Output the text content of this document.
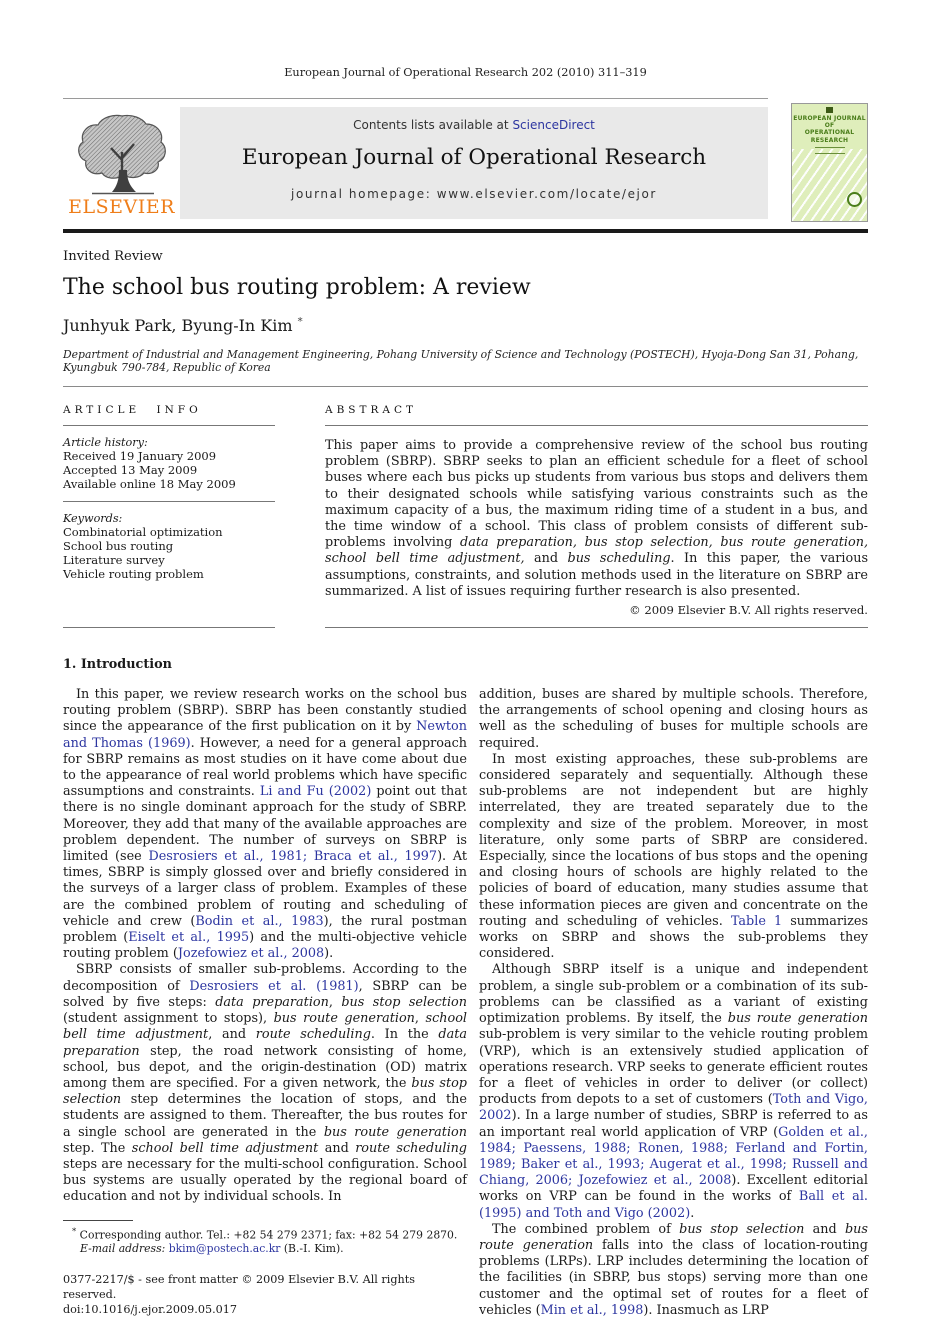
European Journal of Operational Research 202 (2010) 311–319
ELSEVIER
Contents lists available at ScienceDirect
European Journal of Operational Research
journal homepage: www.elsevier.com/locate/ejor
EUROPEAN JOURNAL OF
OPERATIONAL RESEARCH
Invited Review
The school bus routing problem: A review
Junhyuk Park, Byung-In Kim *
Department of Industrial and Management Engineering, Pohang University of Science and Technology (POSTECH), Hyoja-Dong San 31, Pohang, Kyungbuk 790-784, Republic of Korea
ARTICLE INFO
Article history:
Received 19 January 2009
Accepted 13 May 2009
Available online 18 May 2009
Keywords:
Combinatorial optimization
School bus routing
Literature survey
Vehicle routing problem
ABSTRACT

This paper aims to provide a comprehensive review of the school bus routing problem (SBRP). SBRP seeks to plan an efficient schedule for a fleet of school buses where each bus picks up students from various bus stops and delivers them to their designated schools while satisfying various constraints such as the maximum capacity of a bus, the maximum riding time of a student in a bus, and the time window of a school. This class of problem consists of different sub-problems involving data preparation, bus stop selection, bus route generation, school bell time adjustment, and bus scheduling. In this paper, the various assumptions, constraints, and solution methods used in the literature on SBRP are summarized. A list of issues requiring further research is also presented.

© 2009 Elsevier B.V. All rights reserved.
1. Introduction

In this paper, we review research works on the school bus routing problem (SBRP). SBRP has been constantly studied since the appearance of the first publication on it by Newton and Thomas (1969). However, a need for a general approach for SBRP remains as most studies on it have come about due to the appearance of real world problems which have specific assumptions and constraints. Li and Fu (2002) point out that there is no single dominant approach for the study of SBRP. Moreover, they add that many of the available approaches are problem dependent. The number of surveys on SBRP is limited (see Desrosiers et al., 1981; Braca et al., 1997). At times, SBRP is simply glossed over and briefly considered in the surveys of a larger class of problem. Examples of these are the combined problem of routing and scheduling of vehicle and crew (Bodin et al., 1983), the rural postman problem (Eiselt et al., 1995) and the multi-objective vehicle routing problem (Jozefowiez et al., 2008).

SBRP consists of smaller sub-problems. According to the decomposition of Desrosiers et al. (1981), SBRP can be solved by five steps: data preparation, bus stop selection (student assignment to stops), bus route generation, school bell time adjustment, and route scheduling. In the data preparation step, the road network consisting of home, school, bus depot, and the origin-destination (OD) matrix among them are specified. For a given network, the bus stop selection step determines the location of stops, and the students are assigned to them. Thereafter, the bus routes for a single school are generated in the bus route generation step. The school bell time adjustment and route scheduling steps are necessary for the multi-school configuration. School bus systems are usually operated by the regional board of education and not by individual schools. In

* Corresponding author. Tel.: +82 54 279 2371; fax: +82 54 279 2870.
E-mail address: bkim@postech.ac.kr (B.-I. Kim).
0377-2217/$ - see front matter © 2009 Elsevier B.V. All rights reserved.
doi:10.1016/j.ejor.2009.05.017

addition, buses are shared by multiple schools. Therefore, the arrangements of school opening and closing hours as well as the scheduling of buses for multiple schools are required.

In most existing approaches, these sub-problems are considered separately and sequentially. Although these sub-problems are not independent but are highly interrelated, they are treated separately due to the complexity and size of the problem. Moreover, in most literature, only some parts of SBRP are considered. Especially, since the locations of bus stops and the opening and closing hours of schools are highly related to the policies of board of education, many studies assume that these information pieces are given and concentrate on the routing and scheduling of vehicles. Table 1 summarizes works on SBRP and shows the sub-problems they considered.

Although SBRP itself is a unique and independent problem, a single sub-problem or a combination of its sub-problems can be classified as a variant of existing optimization problems. By itself, the bus route generation sub-problem is very similar to the vehicle routing problem (VRP), which is an extensively studied application of operations research. VRP seeks to generate efficient routes for a fleet of vehicles in order to deliver (or collect) products from depots to a set of customers (Toth and Vigo, 2002). In a large number of studies, SBRP is referred to as an important real world application of VRP (Golden et al., 1984; Paessens, 1988; Ronen, 1988; Ferland and Fortin, 1989; Baker et al., 1993; Augerat et al., 1998; Russell and Chiang, 2006; Jozefowiez et al., 2008). Excellent editorial works on VRP can be found in the works of Ball et al. (1995) and Toth and Vigo (2002).

The combined problem of bus stop selection and bus route generation falls into the class of location-routing problems (LRPs). LRP includes determining the location of the facilities (in SBRP, bus stops) serving more than one customer and the optimal set of routes for a fleet of vehicles (Min et al., 1998). Inasmuch as LRP
